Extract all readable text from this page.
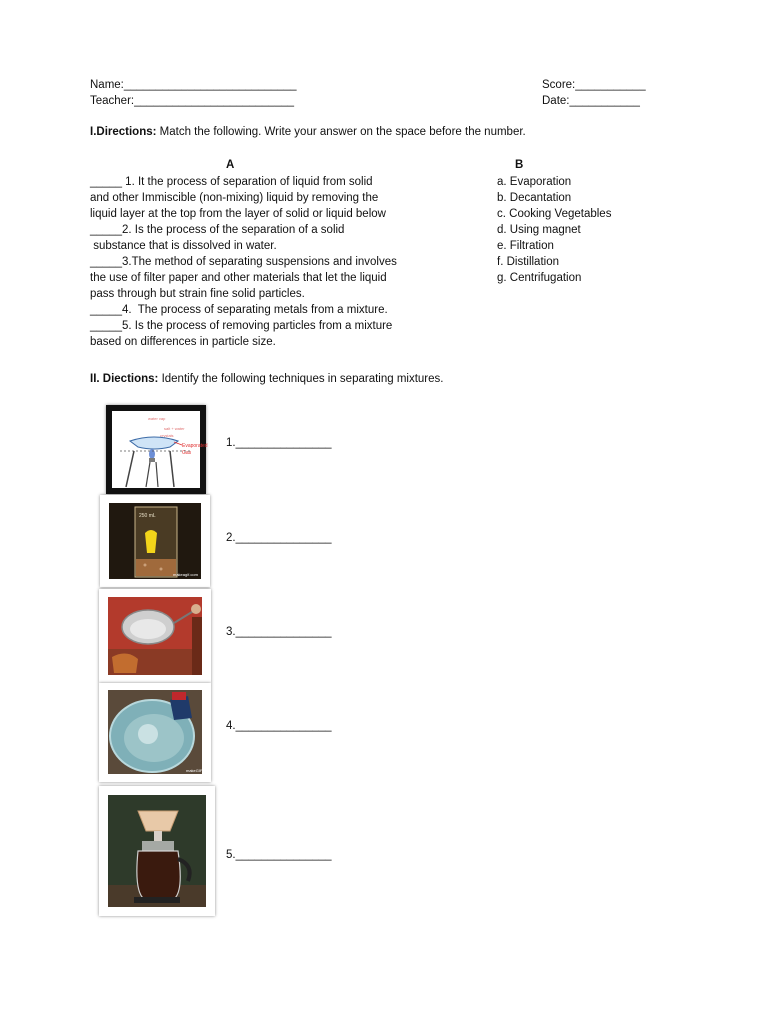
Name:___________________________	Score:___________
Teacher:_________________________	Date:___________
I.Directions: Match the following. Write your answer on the space before the number.
A	B
_____ 1. It the process of separation of liquid from solid
and other Immiscible (non-mixing) liquid by removing the
liquid layer at the top from the layer of solid or liquid below
_____2. Is the process of the separation of a solid
substance that is dissolved in water.
_____3.The method of separating suspensions and involves
the use of filter paper and other materials that let the liquid
pass through but strain fine solid particles.
_____4.  The process of separating metals from a mixture.
_____5. Is the process of removing particles from a mixture
based on differences in particle size.
a. Evaporation
b. Decantation
c. Cooking Vegetables
d. Using magnet
e. Filtration
f. Distillation
g. Centrifugation
II. Diections: Identify the following techniques in separating mixtures.
water vap
salt + water
crystals
Evaporated
Gas
1._______________
250 mL
makeagif.com
2._______________
3._______________
makeGIF
4._______________
5._______________
